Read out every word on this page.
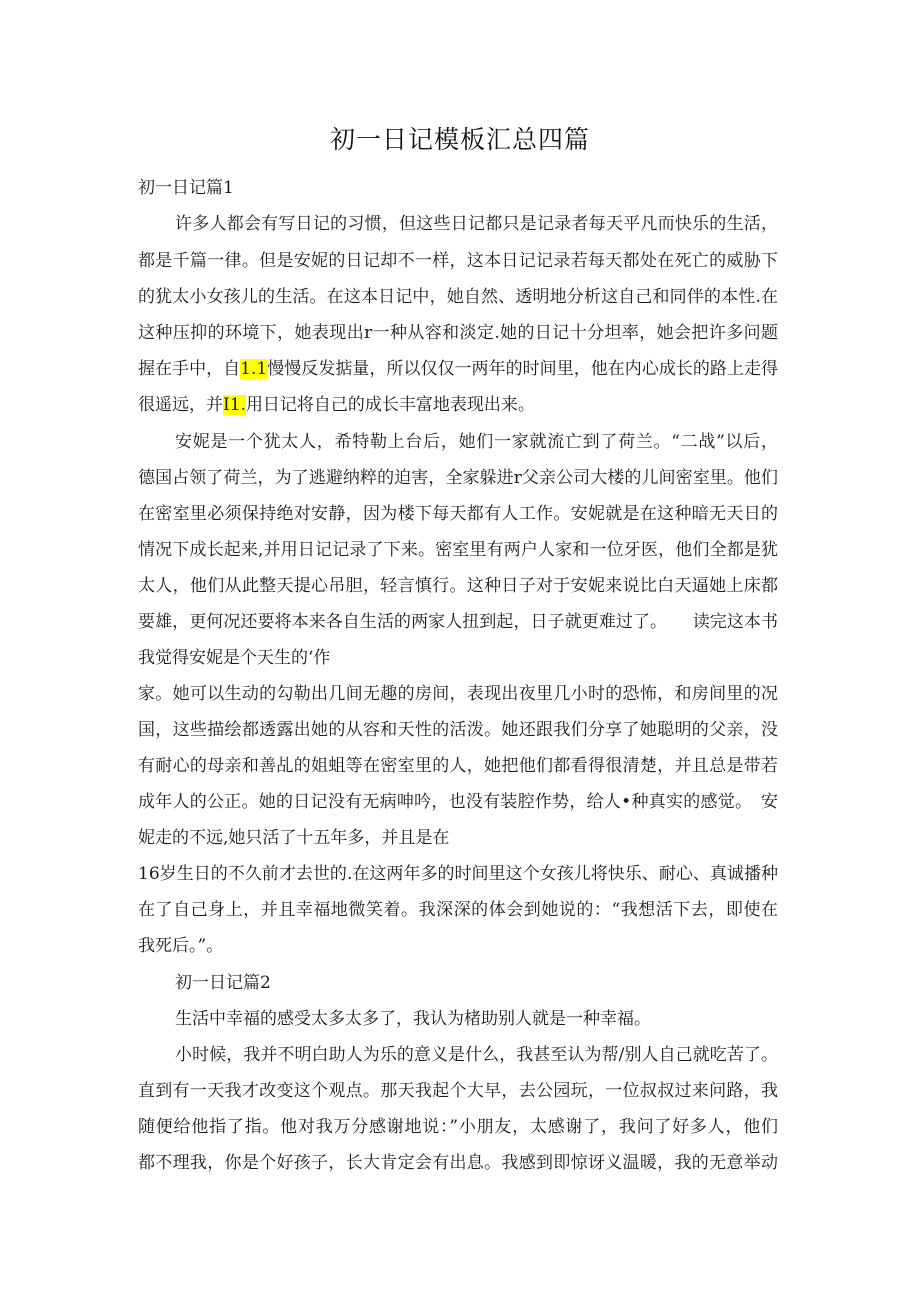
初一日记模板汇总四篇
初一日记篇1
许多人都会有写日记的习惯，但这些日记都只是记录者每天平凡而快乐的生活，
都是千篇一律。但是安妮的日记却不一样，这本日记记录若每天都处在死亡的威胁下
的犹太小女孩儿的生活。在这本日记中，她自然、透明地分析这自己和同伴的本性.在
这种压抑的环境下，她表现出r一种从容和淡定.她的日记十分坦率，她会把许多问题
握在手中，自1.1慢慢反发掂量，所以仅仅一两年的时间里，他在内心成长的路上走得
很遥远，并I1.用日记将自己的成长丰富地表现出来。
安妮是一个犹太人，希特勒上台后，她们一家就流亡到了荷兰。“二战”以后，
德国占领了荷兰，为了逃避纳粹的迫害，全家躲进r父亲公司大楼的儿间密室里。他们
在密室里必须保持绝对安静，因为楼下每天都有人工作。安妮就是在这种暗无天日的
情况下成长起来,并用日记记录了下来。密室里有两户人家和一位牙医，他们全都是犹
太人，他们从此整天提心吊胆，轻言慎行。这种日子对于安妮来说比白天逼她上床都
要雄，更何况还要将本来各自生活的两家人扭到起，日子就更难过了。　　读完这本书
我觉得安妮是个天生的‘作
家。她可以生动的勾勒出几间无趣的房间，表现出夜里几小时的恐怖，和房间里的况
国，这些描绘都透露出她的从容和天性的活泼。她还跟我们分享了她聪明的父亲，没
有耐心的母亲和善乩的姐蛆等在密室里的人，她把他们都看得很清楚，并且总是带若
成年人的公正。她的日记没有无病呻吟，也没有装腔作势，给人•种真实的感觉。　安
妮走的不远,她只活了十五年多，并且是在
16岁生日的不久前才去世的.在这两年多的时间里这个女孩儿将快乐、耐心、真诚播种
在了自己身上，并且幸福地微笑着。我深深的体会到她说的：“我想活下去，即使在
我死后。”。
初一日记篇2
生活中幸福的感受太多太多了，我认为楮助别人就是一种幸福。
小时候，我并不明白助人为乐的意义是什么，我甚至认为帮/别人自己就吃苦了。
直到有一天我才改变这个观点。那天我起个大早，去公园玩，一位叔叔过来问路，我
随便给他指了指。他对我万分感谢地说：”小朋友，太感谢了，我问了好多人，他们
都不理我，你是个好孩子，长大肯定会有出息。我感到即惊讶义温暖，我的无意举动
